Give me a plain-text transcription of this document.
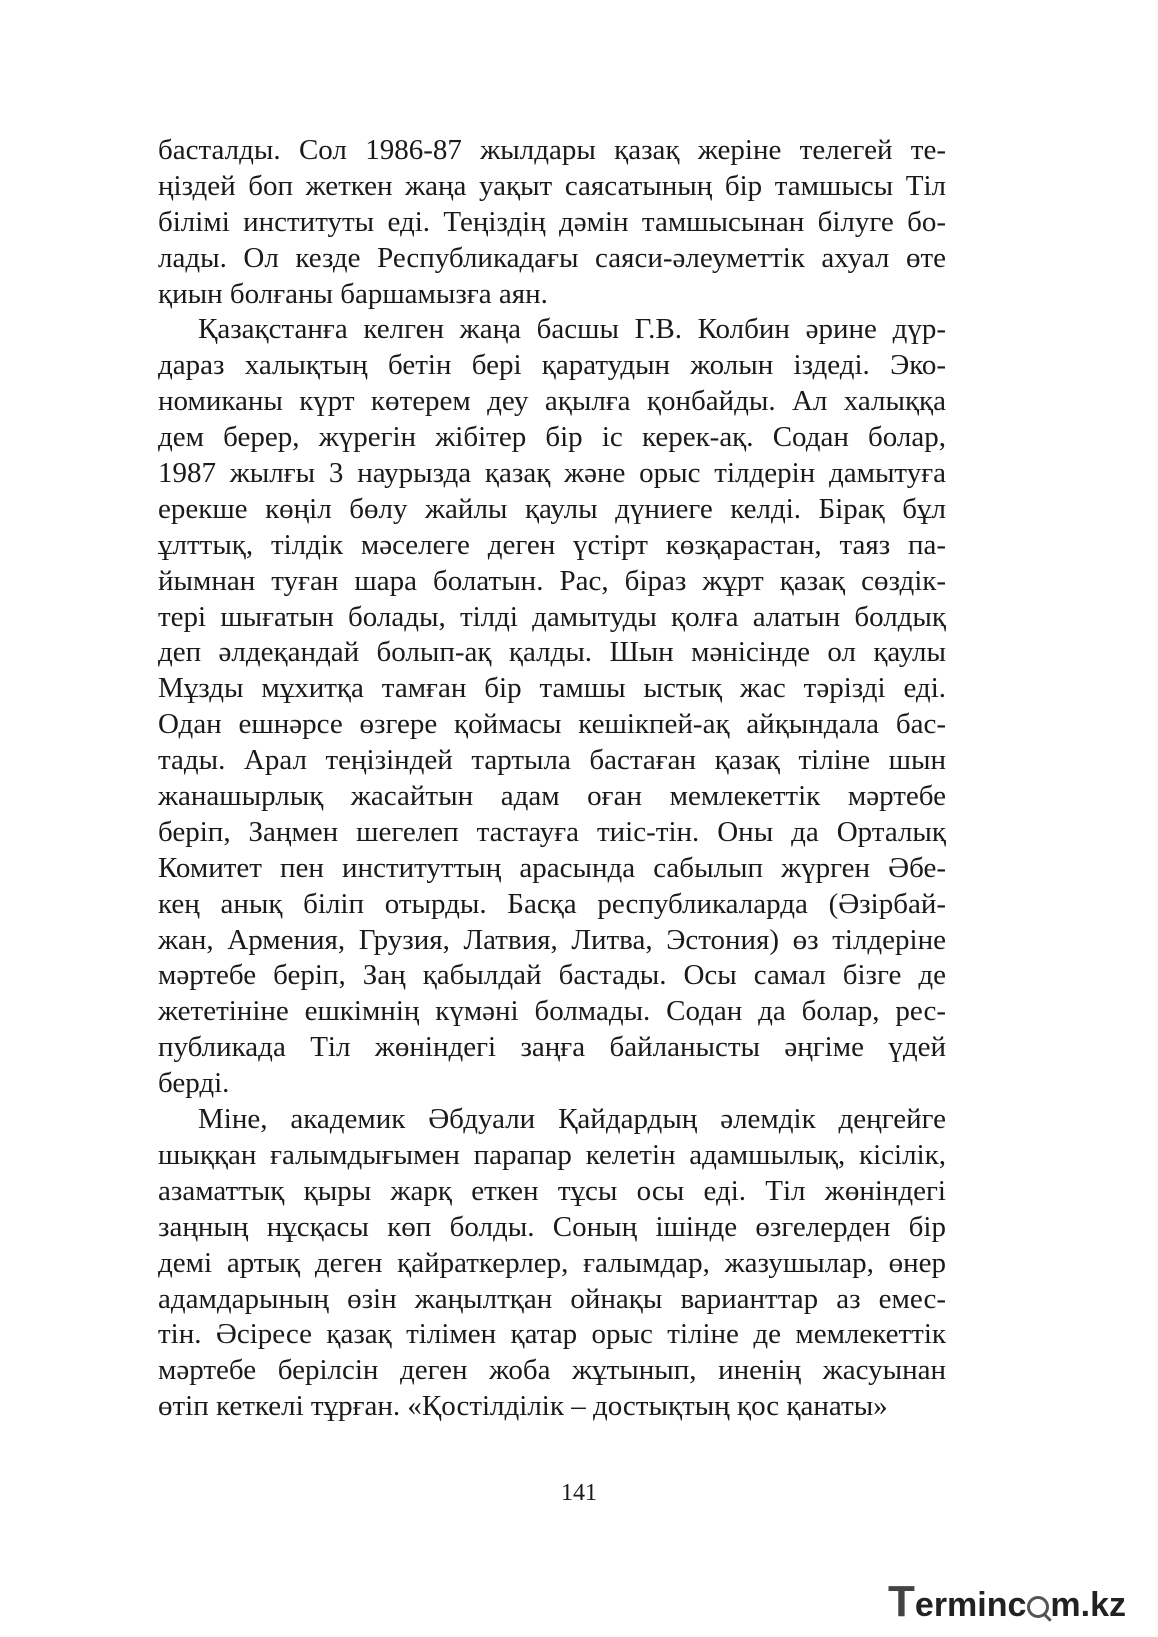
басталды. Сол 1986-87 жылдары қазақ жеріне телегей те-
ңіздей боп жеткен жаңа уақыт саясатының бір тамшысы Тіл
білімі институты еді. Теңіздің дәмін тамшысынан білуге бо-
лады. Ол кезде Республикадағы саяси-әлеуметтік ахуал өте
қиын болғаны баршамызға аян.
Қазақстанға келген жаңа басшы Г.В. Колбин әрине дүр-
дараз халықтың бетін бері қаратудын жолын іздеді. Эко-
номиканы күрт көтерем деу ақылға қонбайды. Ал халыққа
дем берер, жүрегін жібітер бір іс керек-ақ. Содан болар,
1987 жылғы 3 наурызда қазақ және орыс тілдерін дамытуға
ерекше көңіл бөлу жайлы қаулы дүниеге келді. Бірақ бұл
ұлттық, тілдік мәселеге деген үстірт көзқарастан, таяз па-
йымнан туған шара болатын. Рас, біраз жұрт қазақ сөздік-
тері шығатын болады, тілді дамытуды қолға алатын болдық
деп әлдеқандай болып-ақ қалды. Шын мәнісінде ол қаулы
Мұзды мұхитқа тамған бір тамшы ыстық жас тәрізді еді.
Одан ешнәрсе өзгере қоймасы кешікпей-ақ айқындала бас-
тады. Арал теңізіндей тартыла бастаған қазақ тіліне шын
жанашырлық жасайтын адам оған мемлекеттік мәртебе
беріп, Заңмен шегелеп тастауға тиіс-тін. Оны да Орталық
Комитет пен институттың арасында сабылып жүрген Әбе-
кең анық біліп отырды. Басқа республикаларда (Әзірбай-
жан, Армения, Грузия, Латвия, Литва, Эстония) өз тілдеріне
мәртебе беріп, Заң қабылдай бастады. Осы самал бізге де
жететініне ешкімнің күмәні болмады. Содан да болар, рес-
публикада Тіл жөніндегі заңға байланысты әңгіме үдей
берді.
Міне, академик Әбдуали Қайдардың әлемдік деңгейге
шыққан ғалымдығымен парапар келетін адамшылық, кісілік,
азаматтық қыры жарқ еткен тұсы осы еді. Тіл жөніндегі
заңның нұсқасы көп болды. Соның ішінде өзгелерден бір
демі артық деген қайраткерлер, ғалымдар, жазушылар, өнер
адамдарының өзін жаңылтқан ойнақы варианттар аз емес-
тін. Әсіресе қазақ тілімен қатар орыс тіліне де мемлекеттік
мәртебе берілсін деген жоба жұтынып, иненің жасуынан
өтіп кеткелі тұрған. «Қостілділік – достықтың қос қанаты»
141
Terminc m.kz
